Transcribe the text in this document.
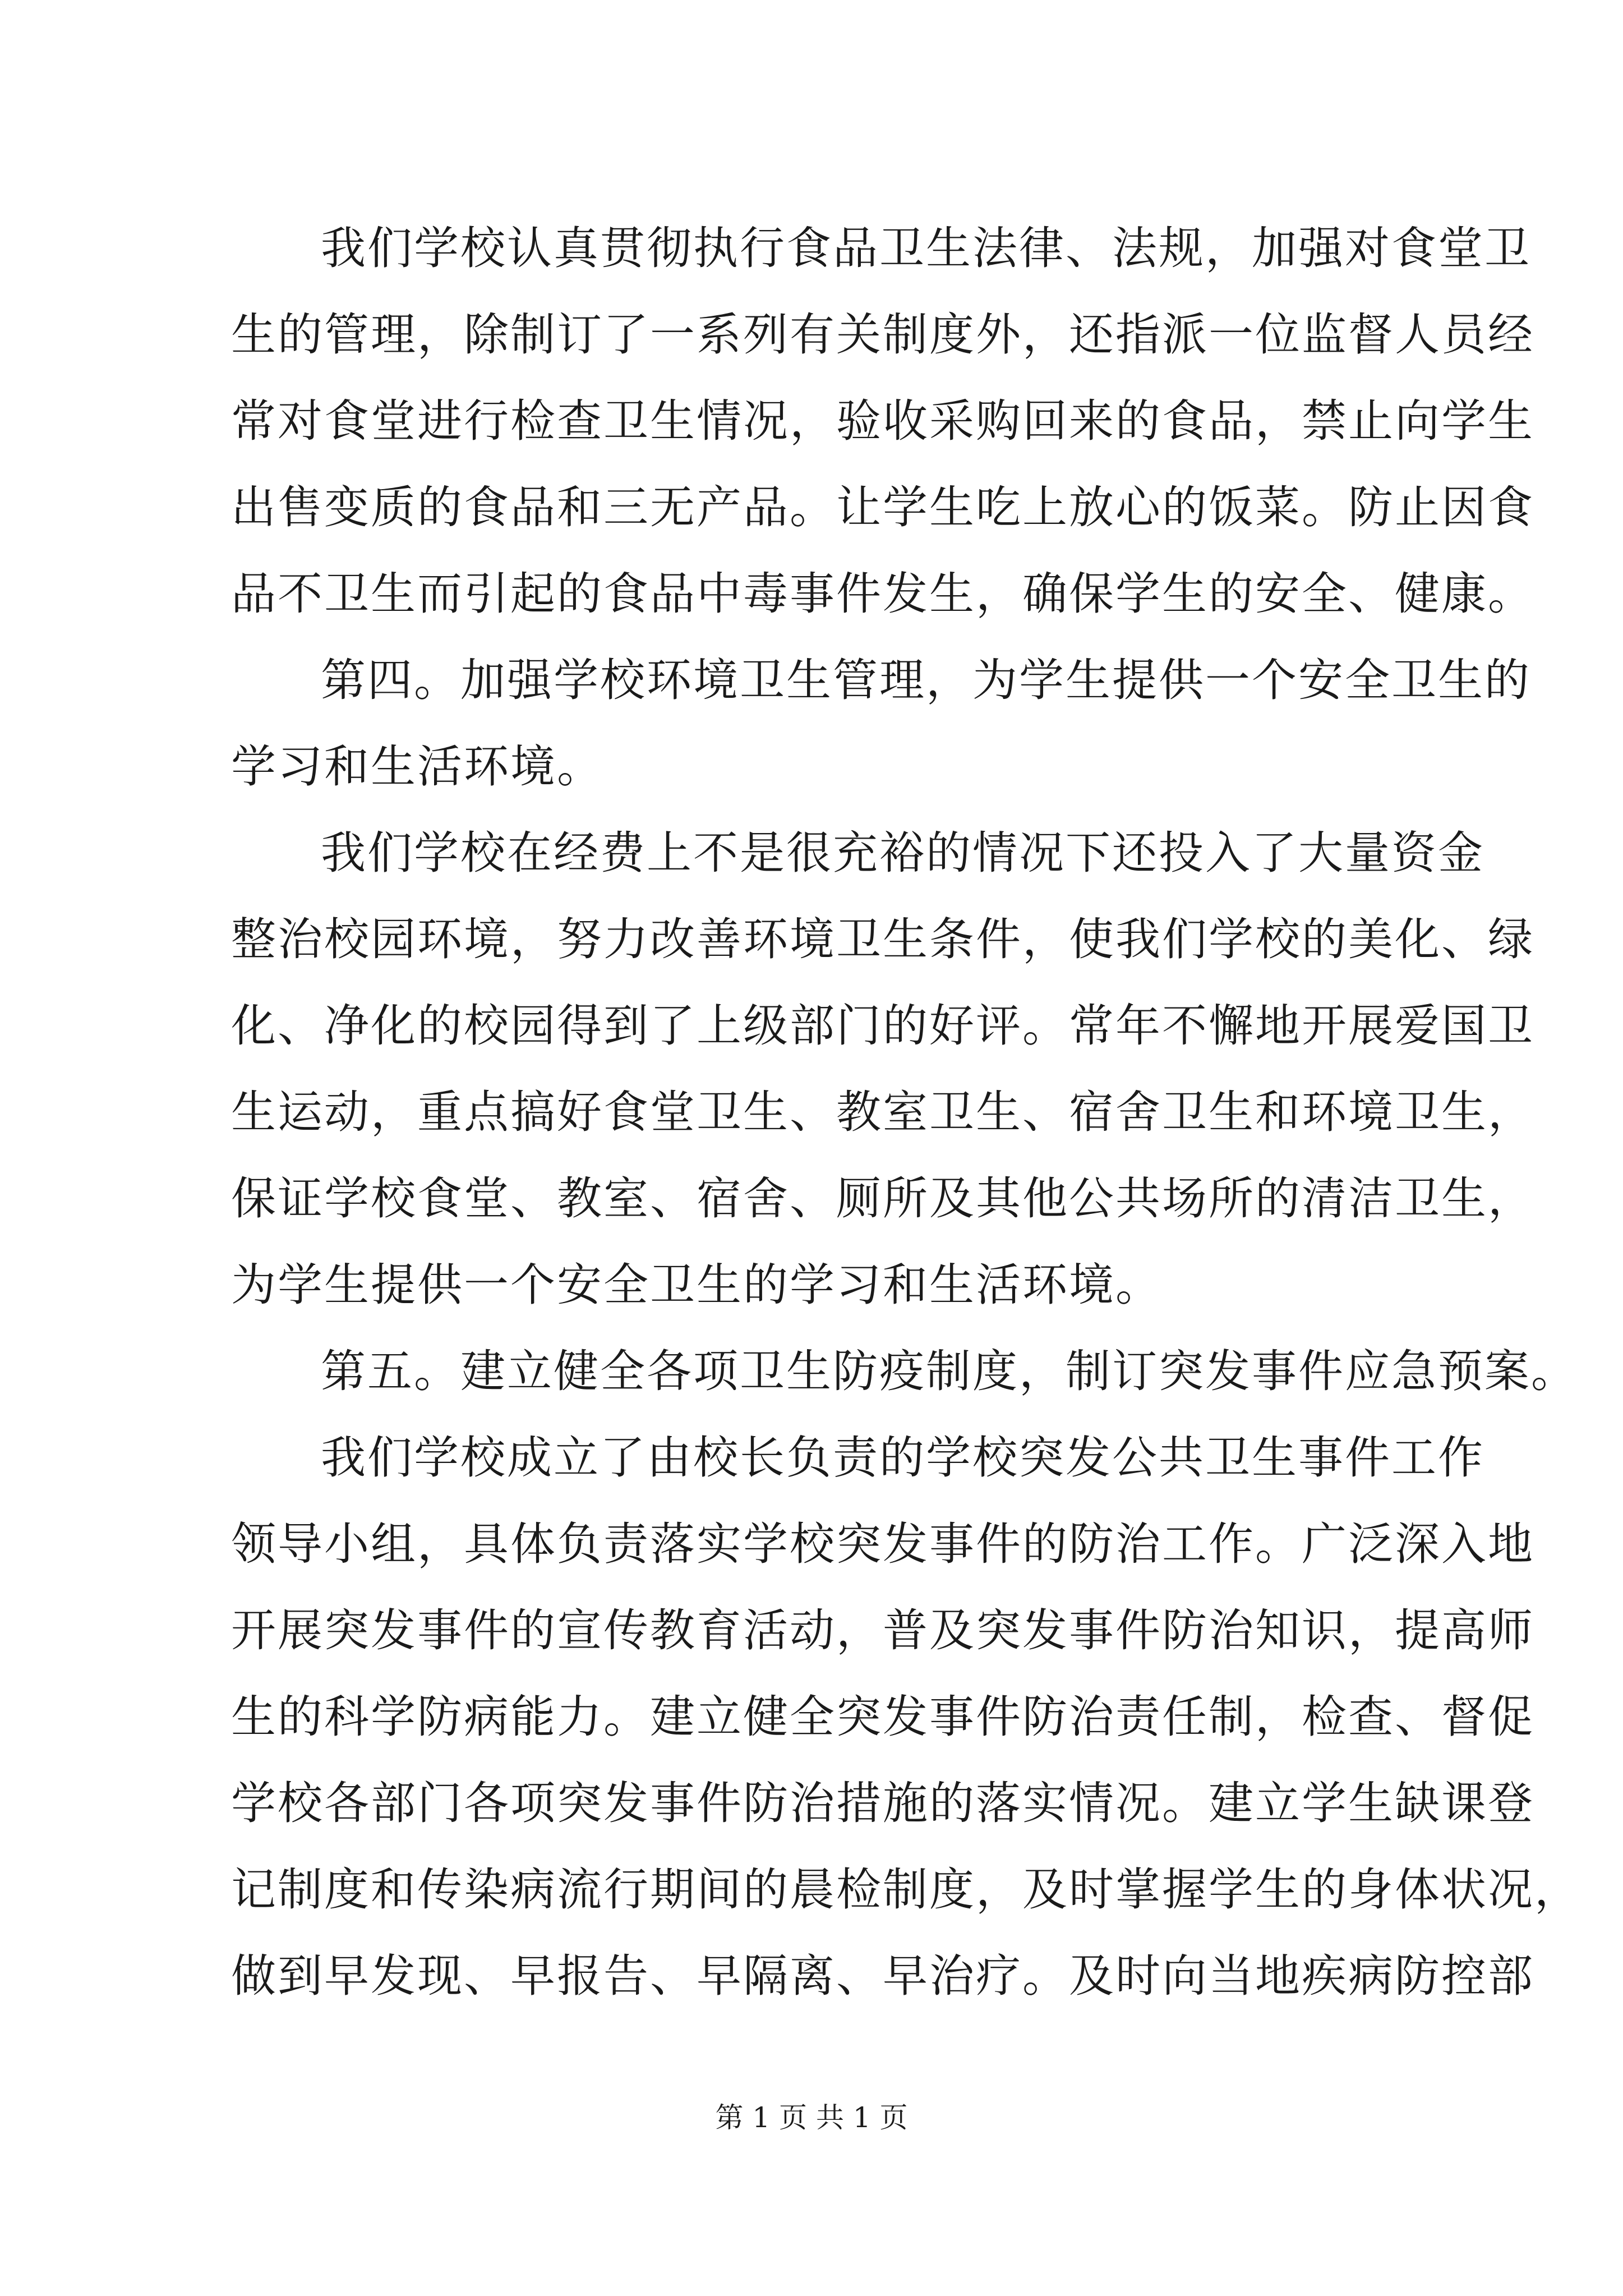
我们学校认真贯彻执行食品卫生法律、法规，加强对食堂卫
生的管理，除制订了一系列有关制度外，还指派一位监督人员经
常对食堂进行检查卫生情况，验收采购回来的食品，禁止向学生
出售变质的食品和三无产品。让学生吃上放心的饭菜。防止因食
品不卫生而引起的食品中毒事件发生，确保学生的安全、健康。
第四。加强学校环境卫生管理，为学生提供一个安全卫生的
学习和生活环境。
我们学校在经费上不是很充裕的情况下还投入了大量资金
整治校园环境，努力改善环境卫生条件，使我们学校的美化、绿
化、净化的校园得到了上级部门的好评。常年不懈地开展爱国卫
生运动，重点搞好食堂卫生、教室卫生、宿舍卫生和环境卫生，
保证学校食堂、教室、宿舍、厕所及其他公共场所的清洁卫生，
为学生提供一个安全卫生的学习和生活环境。
第五。建立健全各项卫生防疫制度，制订突发事件应急预案。
我们学校成立了由校长负责的学校突发公共卫生事件工作
领导小组，具体负责落实学校突发事件的防治工作。广泛深入地
开展突发事件的宣传教育活动，普及突发事件防治知识，提高师
生的科学防病能力。建立健全突发事件防治责任制，检查、督促
学校各部门各项突发事件防治措施的落实情况。建立学生缺课登
记制度和传染病流行期间的晨检制度，及时掌握学生的身体状况，
做到早发现、早报告、早隔离、早治疗。及时向当地疾病防控部
第 1 页 共 1 页
